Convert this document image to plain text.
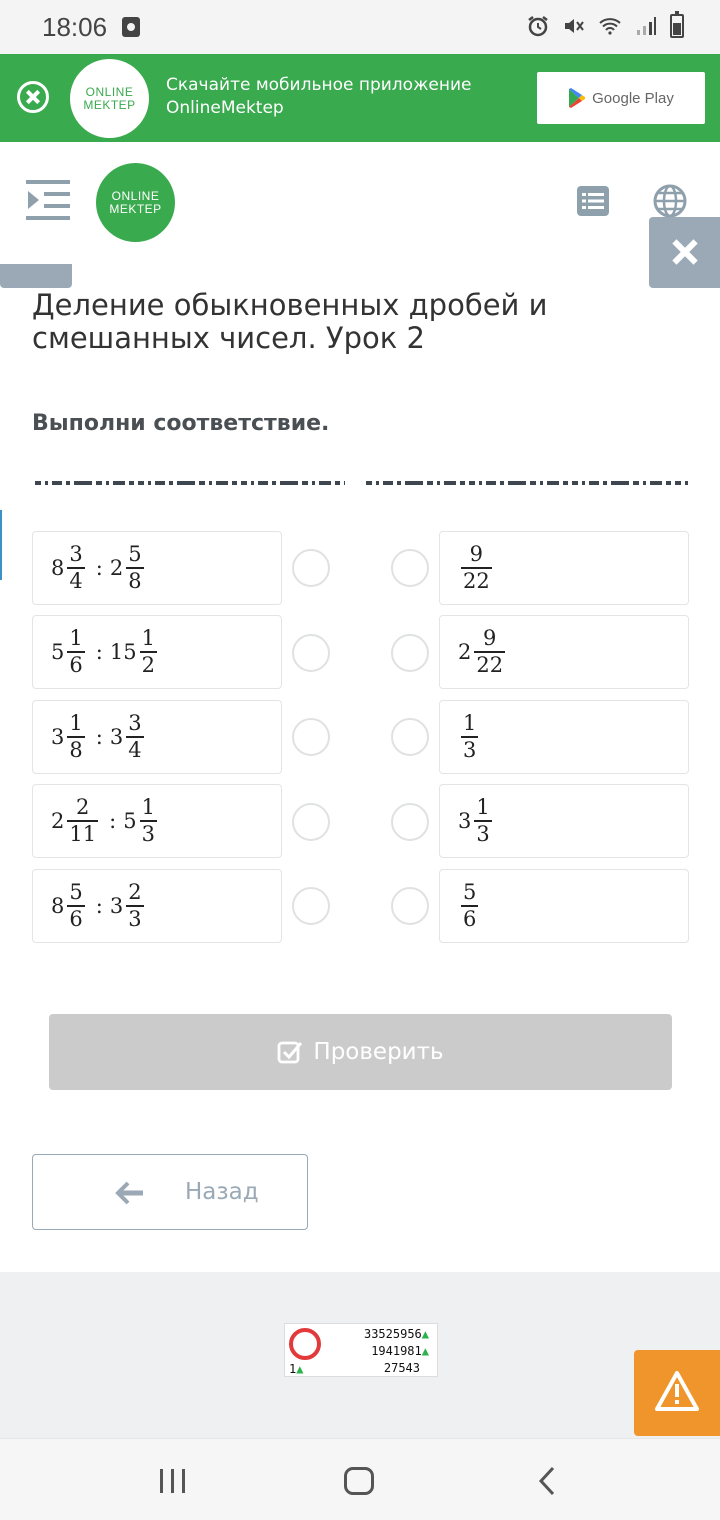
18:06
ONLINE
MEKTEP
Скачайте мобильное приложение
OnlineMektep	Google Play
ONLINE
MEKTEP
Деление обыкновенных дробей и смешанных чисел. Урок 2
Выполни соответствие.
$8 \frac{3}{4}$ : $2 \frac{5}{8}$	$\frac{9}{22}$
$5 \frac{1}{6}$ : $15 \frac{1}{2}$	$2 \frac{9}{22}$
$3 \frac{1}{8}$ : $3 \frac{3}{4}$	$\frac{1}{3}$
$2 \frac{2}{11}$ : $5 \frac{1}{3}$	$3 \frac{1}{3}$
$8 \frac{5}{6}$ : $3 \frac{2}{3}$	$\frac{5}{6}$
Проверить
Назад
33525956▲
1941981▲
27543
1▲
